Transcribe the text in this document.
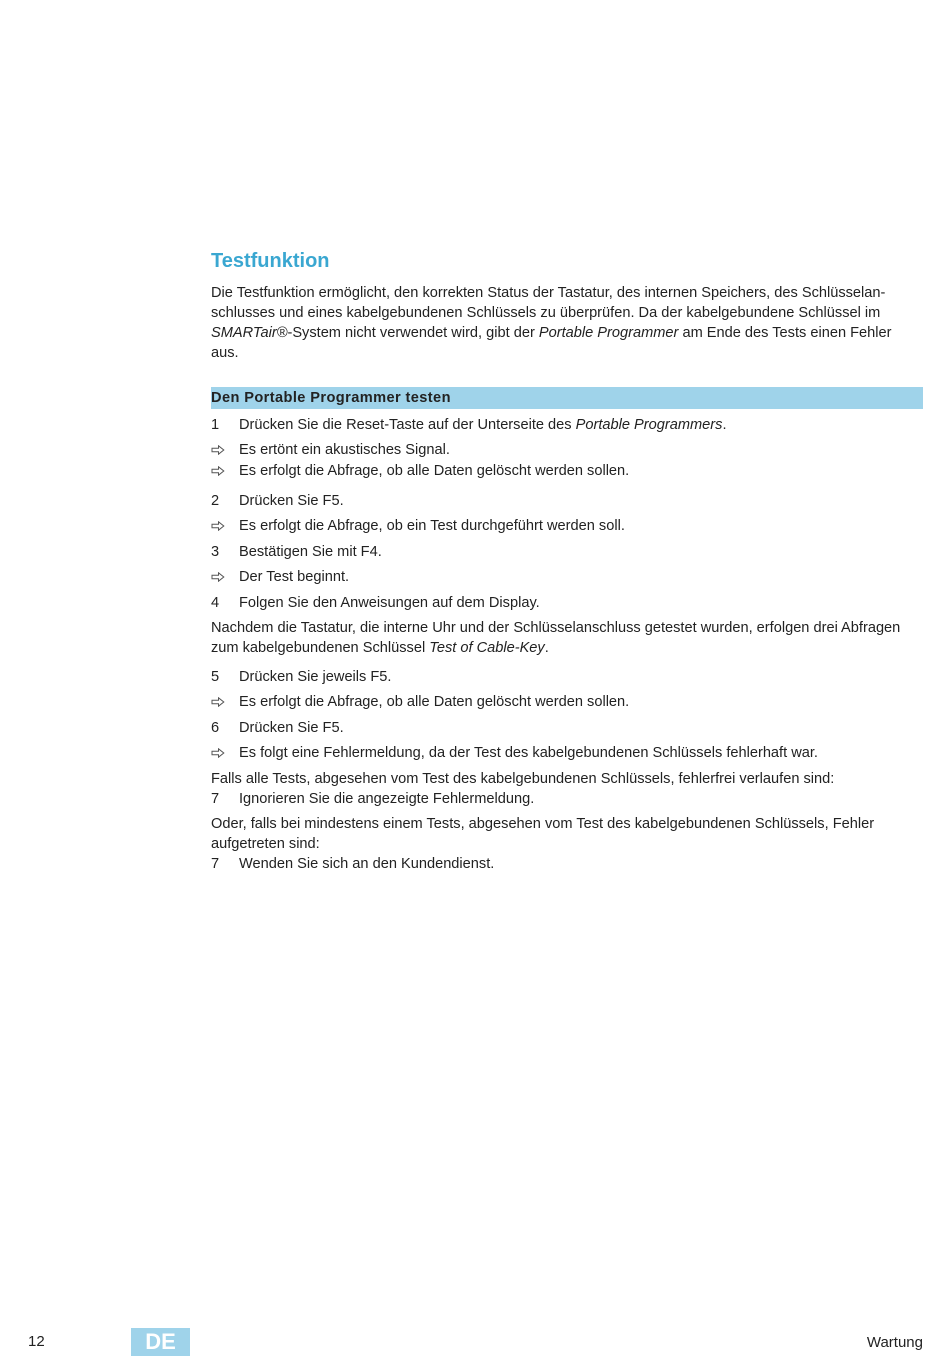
Testfunktion
Die Testfunktion ermöglicht, den korrekten Status der Tastatur, des internen Speichers, des Schlüsselan-
schlusses und eines kabelgebundenen Schlüssels zu überprüfen. Da der kabelgebundene Schlüssel im
SMARTair®-System nicht verwendet wird, gibt der Portable Programmer am Ende des Tests einen Fehler aus.
Den Portable Programmer testen
1	Drücken Sie die Reset-Taste auf der Unterseite des Portable Programmers.
Es ertönt ein akustisches Signal.
Es erfolgt die Abfrage, ob alle Daten gelöscht werden sollen.
2	Drücken Sie F5.
Es erfolgt die Abfrage, ob ein Test durchgeführt werden soll.
3	Bestätigen Sie mit F4.
Der Test beginnt.
4	Folgen Sie den Anweisungen auf dem Display.
Nachdem die Tastatur, die interne Uhr und der Schlüsselanschluss getestet wurden, erfolgen drei Abfragen
zum kabelgebundenen Schlüssel Test of Cable-Key.
5	Drücken Sie jeweils F5.
Es erfolgt die Abfrage, ob alle Daten gelöscht werden sollen.
6	Drücken Sie F5.
Es folgt eine Fehlermeldung, da der Test des kabelgebundenen Schlüssels fehlerhaft war.
Falls alle Tests, abgesehen vom Test des kabelgebundenen Schlüssels, fehlerfrei verlaufen sind:
7	Ignorieren Sie die angezeigte Fehlermeldung.
Oder, falls bei mindestens einem Tests, abgesehen vom Test des kabelgebundenen Schlüssels, Fehler
aufgetreten sind:
7	Wenden Sie sich an den Kundendienst.
12	DE	Wartung
